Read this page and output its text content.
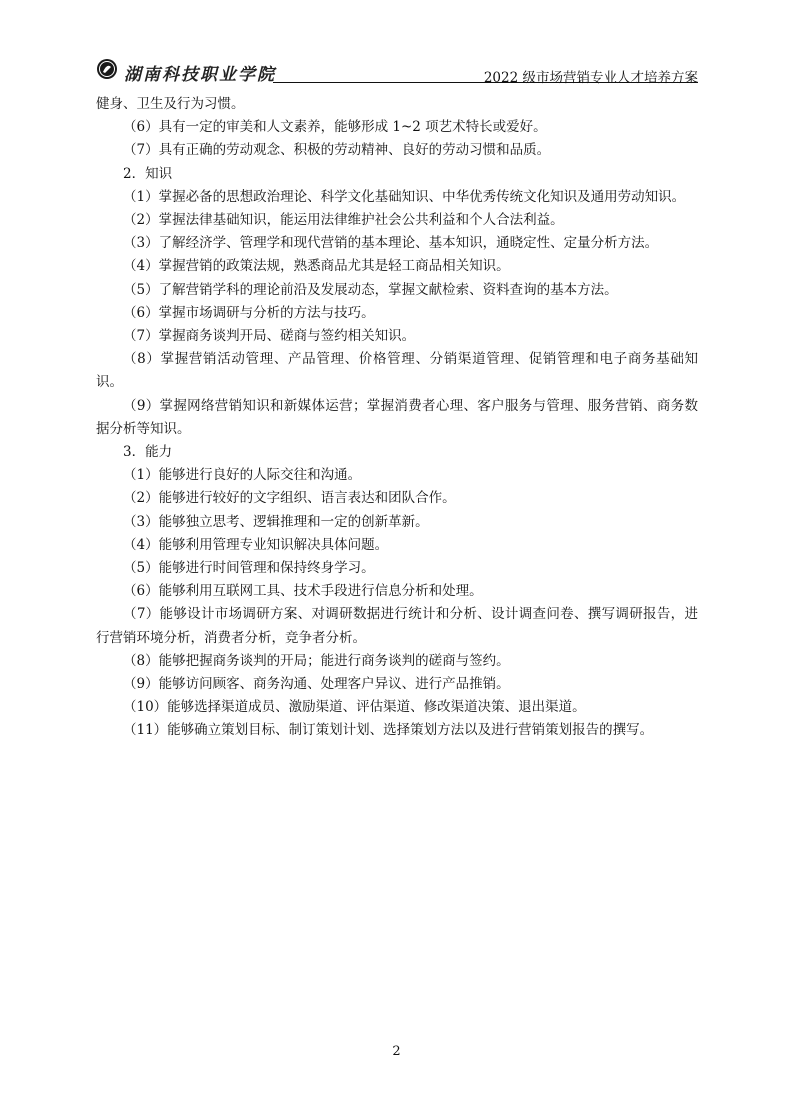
湖南科技职业学院	2022 级市场营销专业人才培养方案

健身、卫生及行为习惯。

（6）具有一定的审美和人文素养，能够形成 1~2 项艺术特长或爱好。

（7）具有正确的劳动观念、积极的劳动精神、良好的劳动习惯和品质。

2．知识

（1）掌握必备的思想政治理论、科学文化基础知识、中华优秀传统文化知识及通用劳动知识。

（2）掌握法律基础知识，能运用法律维护社会公共利益和个人合法利益。

（3）了解经济学、管理学和现代营销的基本理论、基本知识，通晓定性、定量分析方法。

（4）掌握营销的政策法规，熟悉商品尤其是轻工商品相关知识。

（5）了解营销学科的理论前沿及发展动态，掌握文献检索、资料查询的基本方法。

（6）掌握市场调研与分析的方法与技巧。

（7）掌握商务谈判开局、磋商与签约相关知识。

（8）掌握营销活动管理、产品管理、价格管理、分销渠道管理、促销管理和电子商务基础知识。

（9）掌握网络营销知识和新媒体运营；掌握消费者心理、客户服务与管理、服务营销、商务数据分析等知识。

3．能力

（1）能够进行良好的人际交往和沟通。

（2）能够进行较好的文字组织、语言表达和团队合作。

（3）能够独立思考、逻辑推理和一定的创新革新。

（4）能够利用管理专业知识解决具体问题。

（5）能够进行时间管理和保持终身学习。

（6）能够利用互联网工具、技术手段进行信息分析和处理。

（7）能够设计市场调研方案、对调研数据进行统计和分析、设计调查问卷、撰写调研报告，进行营销环境分析，消费者分析，竞争者分析。

（8）能够把握商务谈判的开局；能进行商务谈判的磋商与签约。

（9）能够访问顾客、商务沟通、处理客户异议、进行产品推销。

（10）能够选择渠道成员、激励渠道、评估渠道、修改渠道决策、退出渠道。

（11）能够确立策划目标、制订策划计划、选择策划方法以及进行营销策划报告的撰写。

2
